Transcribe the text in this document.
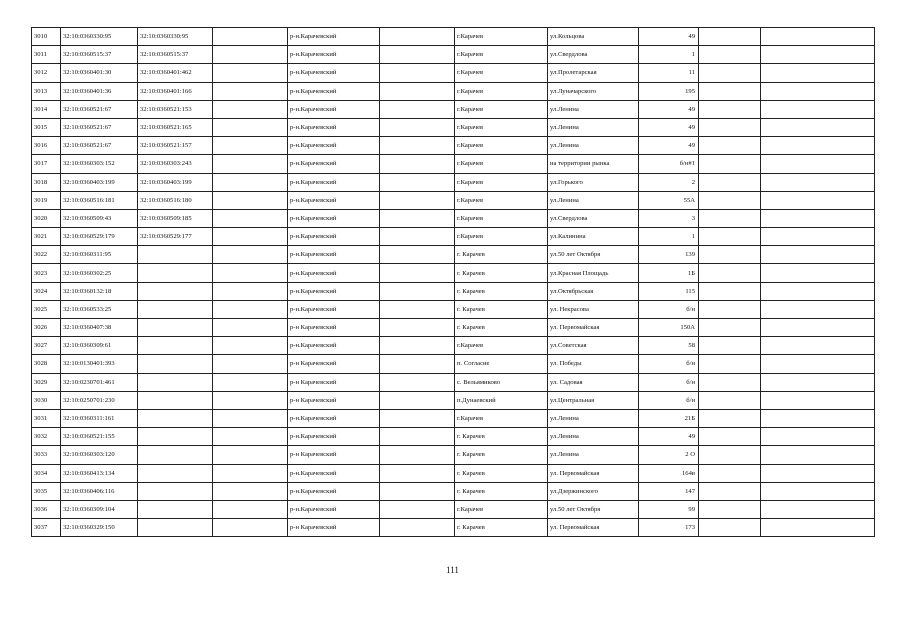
3010	32:10:0360330:95	32:10:0360330:95		р-н.Карачевский		г.Карачев	ул.Кольцова	49		
3011	32:10:0360515:37	32:10:0360515:37		р-н.Карачевский		г.Карачев	ул.Свердлова	1		
3012	32:10:0360401:30	32:10:0360401:462		р-н.Карачевский		г.Карачев	ул.Пролетарская	11		
3013	32:10:0360401:36	32:10:0360401:166		р-н.Карачевский		г.Карачев	ул.Луначарского	195		
3014	32:10:0360521:67	32:10:0360521:153		р-н.Карачевский		г.Карачев	ул.Ленина	49		
3015	32:10:0360521:67	32:10:0360521:165		р-н.Карачевский		г.Карачев	ул.Ленина	49		
3016	32:10:0360521:67	32:10:0360521:157		р-н.Карачевский		г.Карачев	ул.Ленина	49		
3017	32:10:0360303:152	32:10:0360303:243		р-н.Карачевский		г.Карачев	на территории рынка	б/н#1		
3018	32:10:0360403:199	32:10:0360403:199		р-н.Карачевский		г.Карачев	ул.Горького	2		
3019	32:10:0360516:181	32:10:0360516:180		р-н.Карачевский		г.Карачев	ул.Ленина	55А		
3020	32:10:0360509:43	32:10:0360509:185		р-н.Карачевский		г.Карачев	ул.Свердлова	3		
3021	32:10:0360529:179	32:10:0360529:177		р-н.Карачевский		г.Карачев	ул.Калинина	1		
3022	32:10:0360311:95			р-н.Карачевский		г. Карачев	ул.50 лет Октября	139		
3023	32:10:0360302:25			р-н.Карачевский		г. Карачев	ул.Красная Площадь	1Б		
3024	32:10:0360132:18			р-н.Карачевский		г. Карачев	ул.Октябрьская	115		
3025	32:10:0360533:25			р-н.Карачевский		г. Карачев	ул. Некрасова	б/н		
3026	32:10:0360407:38			р-н Карачевский		г. Карачев	ул. Первомайская	150А		
3027	32:10:0360309:61			р-н.Карачевский		г.Карачев	ул.Советская	58		
3028	32:10:0130401:393			р-н Карачевский		п. Согласие	ул. Победы	б/н		
3029	32:10:0230701:461			р-н Карачевский		с. Вельямиково	ул. Садовая	б/н		
3030	32:10:0250701:230			р-н Карачевский		п.Дунаевский	ул.Центральная	б/н		
3031	32:10:0360311:161			р-н.Карачевский		г.Карачев	ул.Ленина	21Б		
3032	32:10:0360521:155			р-н.Карачевский		г. Карачев	ул.Ленина	49		
3033	32:10:0360303:120			р-н Карачевский		г. Карачев	ул.Ленина	2 О		
3034	32:10:0360413:134			р-н.Карачевский		г. Карачев	ул. Первомайская	164в		
3035	32:10:0360406:116			р-н.Карачевский		г. Карачев	ул.Дзержинского	147		
3036	32:10:0360309:104			р-н.Карачевский		г.Карачев	ул.50 лет Октября	99		
3037	32:10:0360329:150			р-н Карачевский		г. Карачев	ул. Первомайская	173		
111
